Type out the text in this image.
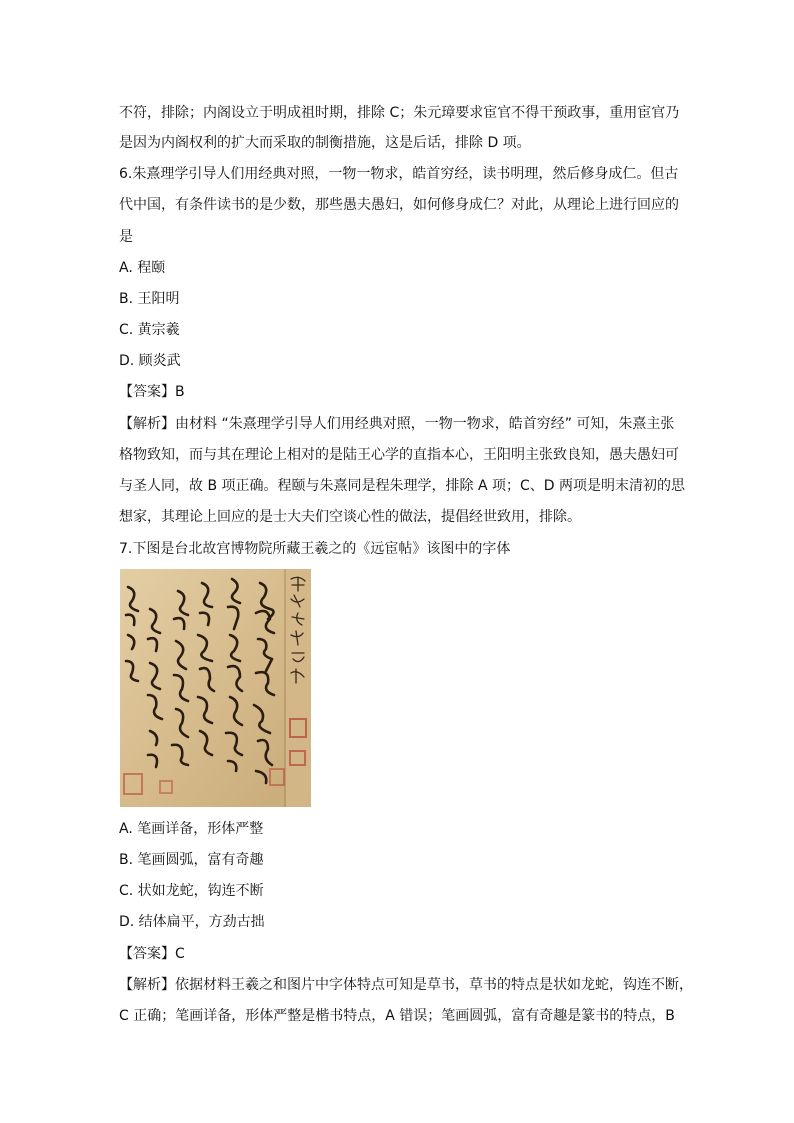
不符，排除；内阁设立于明成祖时期，排除 C；朱元璋要求宦官不得干预政事，重用宦官乃
是因为内阁权利的扩大而采取的制衡措施，这是后话，排除 D 项。
6.朱熹理学引导人们用经典对照，一物一物求，皓首穷经，读书明理，然后修身成仁。但古
代中国，有条件读书的是少数，那些愚夫愚妇，如何修身成仁？对此，从理论上进行回应的
是
A. 程颐
B. 王阳明
C. 黄宗羲
D. 顾炎武
【答案】B
【解析】由材料 “朱熹理学引导人们用经典对照，一物一物求，皓首穷经” 可知，朱熹主张
格物致知，而与其在理论上相对的是陆王心学的直指本心，王阳明主张致良知，愚夫愚妇可
与圣人同，故 B 项正确。程颐与朱熹同是程朱理学，排除 A 项；C、D 两项是明末清初的思
想家，其理论上回应的是士大夫们空谈心性的做法，提倡经世致用，排除。
7.下图是台北故宫博物院所藏王羲之的《远宦帖》该图中的字体
A. 笔画详备，形体严整
B. 笔画圆弧，富有奇趣
C. 状如龙蛇，钩连不断
D. 结体扁平，方劲古拙
【答案】C
【解析】依据材料王羲之和图片中字体特点可知是草书，草书的特点是状如龙蛇，钩连不断，
C 正确；笔画详备，形体严整是楷书特点，A 错误；笔画圆弧，富有奇趣是篆书的特点，B
